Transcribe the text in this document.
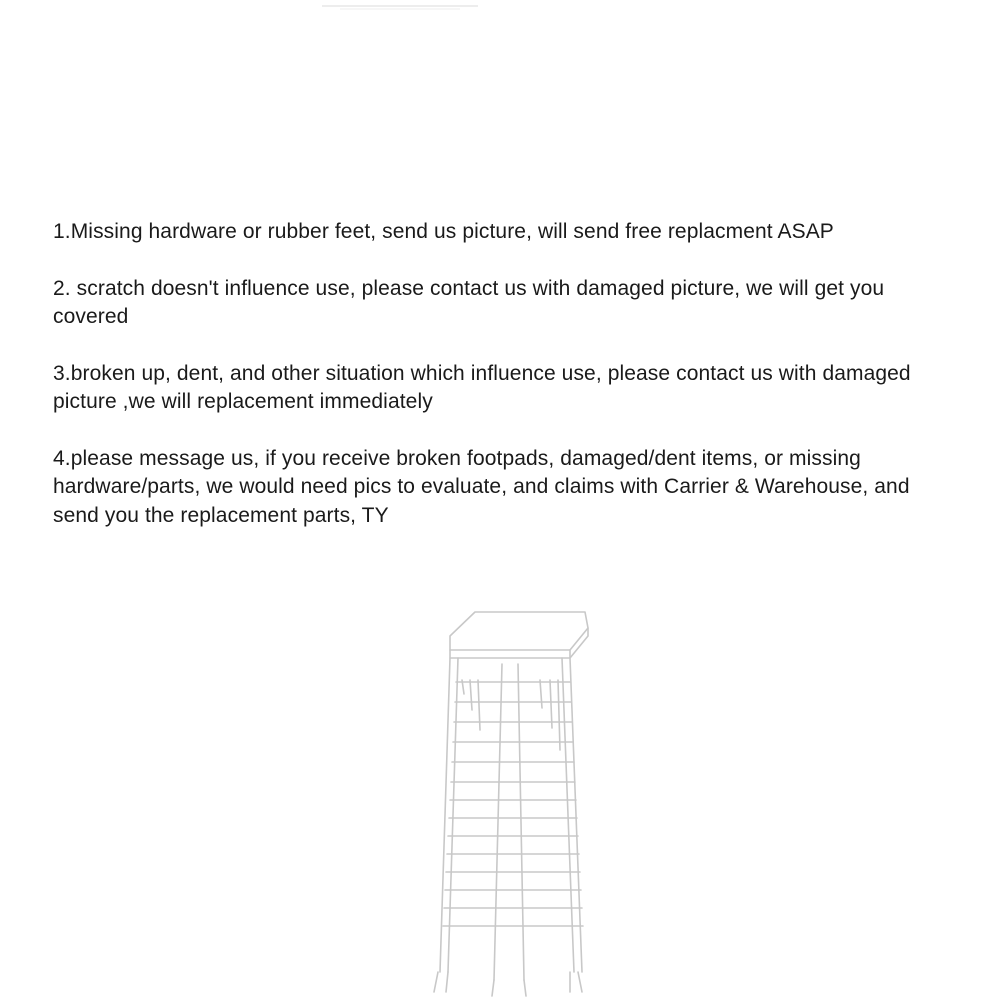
1.Missing hardware or rubber feet, send us picture, will send free replacment ASAP

2. scratch doesn't influence use, please contact us with damaged picture, we will get you covered

3.broken up, dent, and other situation which influence use, please contact us with damaged picture ,we will replacement immediately

4.please message us, if you receive broken footpads, damaged/dent items, or missing hardware/parts, we would need pics to evaluate, and claims with Carrier & Warehouse, and send you the replacement parts, TY
